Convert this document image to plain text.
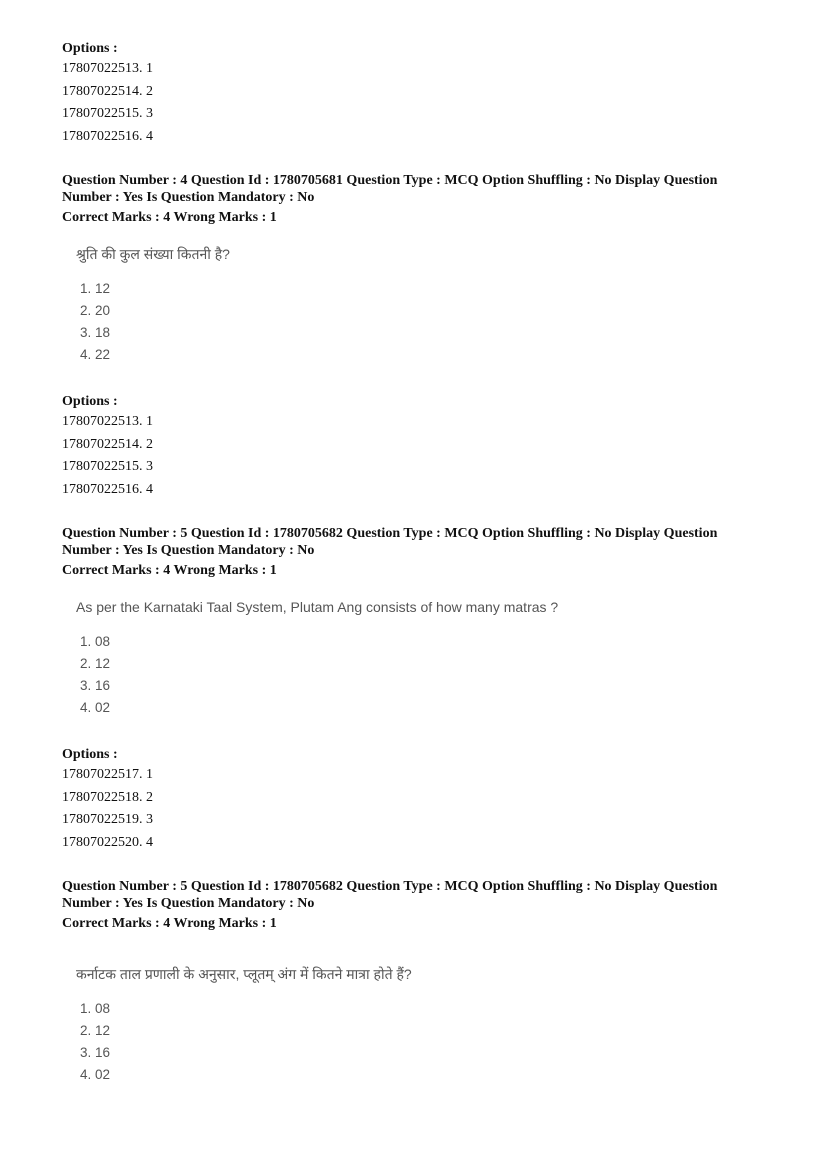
Options :
17807022513. 1
17807022514. 2
17807022515. 3
17807022516. 4
Question Number : 4 Question Id : 1780705681 Question Type : MCQ Option Shuffling : No Display Question Number : Yes Is Question Mandatory : No
Correct Marks : 4 Wrong Marks : 1
श्रुति की कुल संख्या कितनी है?
1. 12
2. 20
3. 18
4. 22
Options :
17807022513. 1
17807022514. 2
17807022515. 3
17807022516. 4
Question Number : 5 Question Id : 1780705682 Question Type : MCQ Option Shuffling : No Display Question Number : Yes Is Question Mandatory : No
Correct Marks : 4 Wrong Marks : 1
As per the Karnataki Taal System, Plutam Ang consists of how many matras ?
1. 08
2. 12
3. 16
4. 02
Options :
17807022517. 1
17807022518. 2
17807022519. 3
17807022520. 4
Question Number : 5 Question Id : 1780705682 Question Type : MCQ Option Shuffling : No Display Question Number : Yes Is Question Mandatory : No
Correct Marks : 4 Wrong Marks : 1
कर्नाटक ताल प्रणाली के अनुसार, प्लूतम् अंग में कितने मात्रा होते हैं?
1. 08
2. 12
3. 16
4. 02
